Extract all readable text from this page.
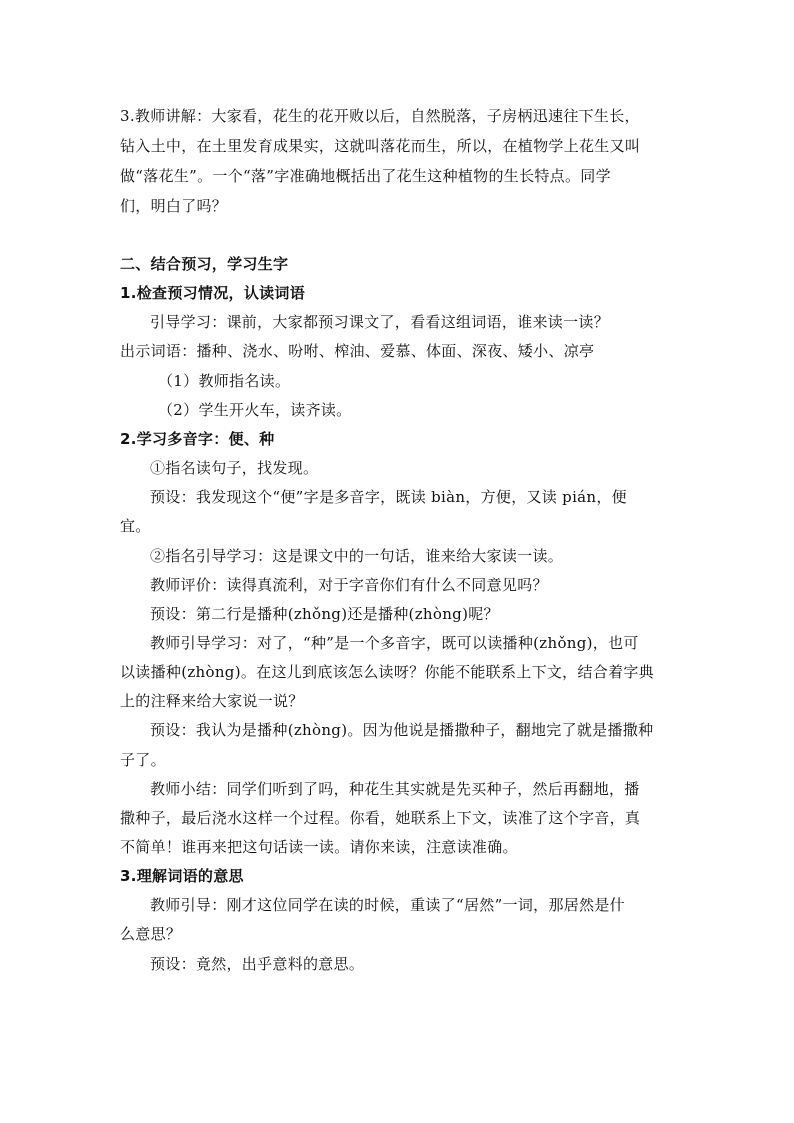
3.教师讲解：大家看，花生的花开败以后，自然脱落，子房柄迅速往下生长，
钻入土中，在土里发育成果实，这就叫落花而生，所以，在植物学上花生又叫
做“落花生”。一个“落”字准确地概括出了花生这种植物的生长特点。同学
们，明白了吗？
二、结合预习，学习生字
1.检查预习情况，认读词语
引导学习：课前，大家都预习课文了，看看这组词语，谁来读一读？
出示词语：播种、浇水、吩咐、榨油、爱慕、体面、深夜、矮小、凉亭
（1）教师指名读。
（2）学生开火车，读齐读。
2.学习多音字：便、种
①指名读句子，找发现。
预设：我发现这个“便”字是多音字，既读 biàn，方便，又读 pián，便
宜。
②指名引导学习：这是课文中的一句话，谁来给大家读一读。
教师评价：读得真流利，对于字音你们有什么不同意见吗？
预设：第二行是播种(zhǒng)还是播种(zhòng)呢？
教师引导学习：对了，“种”是一个多音字，既可以读播种(zhǒng)，也可
以读播种(zhòng)。在这儿到底该怎么读呀？你能不能联系上下文，结合着字典
上的注释来给大家说一说？
预设：我认为是播种(zhòng)。因为他说是播撒种子，翻地完了就是播撒种
子了。
教师小结：同学们听到了吗，种花生其实就是先买种子，然后再翻地，播
撒种子，最后浇水这样一个过程。你看，她联系上下文，读准了这个字音，真
不简单！谁再来把这句话读一读。请你来读，注意读准确。
3.理解词语的意思
教师引导：刚才这位同学在读的时候，重读了“居然”一词，那居然是什
么意思？
预设：竟然，出乎意料的意思。
